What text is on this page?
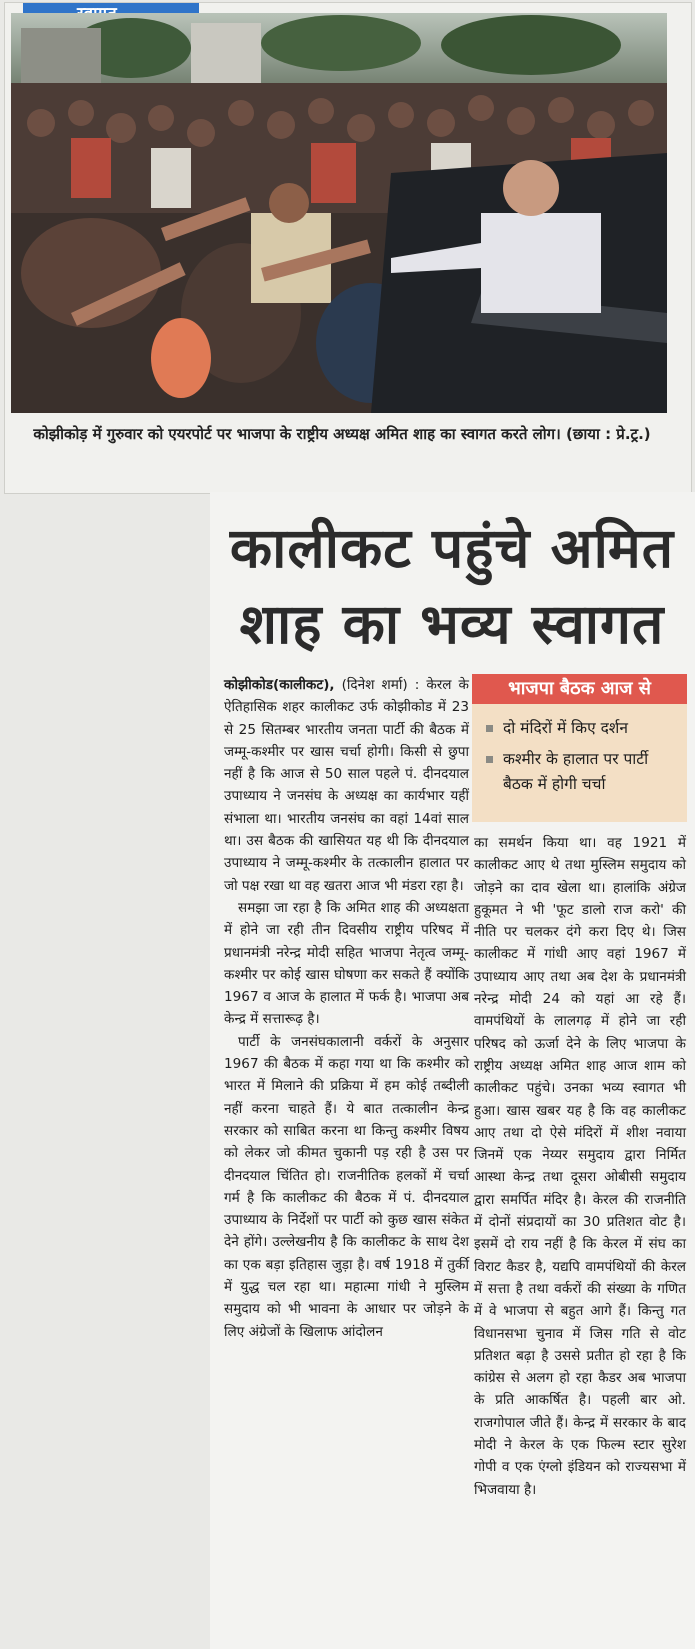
कोझीकोड़ में गुरुवार को एयरपोर्ट पर भाजपा के राष्ट्रीय अध्यक्ष अमित शाह का स्वागत करते लोग। (छाया : प्रे.ट्र.)
कालीकट पहुंचे अमित
शाह का भव्य स्वागत

कोझीकोड(कालीकट), (दिनेश शर्मा) : केरल के ऐतिहासिक शहर कालीकट उर्फ कोझीकोड में 23 से 25 सितम्बर भारतीय जनता पार्टी की बैठक में जम्मू-कश्मीर पर खास चर्चा होगी। किसी से छुपा नहीं है कि आज से 50 साल पहले पं. दीनदयाल उपाध्याय ने जनसंघ के अध्यक्ष का कार्यभार यहीं संभाला था। भारतीय जनसंघ का वहां 14वां साल था। उस बैठक की खासियत यह थी कि दीनदयाल उपाध्याय ने जम्मू-कश्मीर के तत्कालीन हालात पर जो पक्ष रखा था वह खतरा आज भी मंडरा रहा है।

समझा जा रहा है कि अमित शाह की अध्यक्षता में होने जा रही तीन दिवसीय राष्ट्रीय परिषद में प्रधानमंत्री नरेन्द्र मोदी सहित भाजपा नेतृत्व जम्मू-कश्मीर पर कोई खास घोषणा कर सकते हैं क्योंकि 1967 व आज के हालात में फर्क है। भाजपा अब केन्द्र में सत्तारूढ़ है।

पार्टी के जनसंघकालानी वर्करों के अनुसार 1967 की बैठक में कहा गया था कि कश्मीर को भारत में मिलाने की प्रक्रिया में हम कोई तब्दीली नहीं करना चाहते हैं। ये बात तत्कालीन केन्द्र सरकार को साबित करना था किन्तु कश्मीर विषय को लेकर जो कीमत चुकानी पड़ रही है उस पर दीनदयाल चिंतित हो। राजनीतिक हलकों में चर्चा गर्म है कि कालीकट की बैठक में पं. दीनदयाल उपाध्याय के निर्देशों पर पार्टी को कुछ खास संकेत देने होंगे। उल्लेखनीय है कि कालीकट के साथ देश का एक बड़ा इतिहास जुड़ा है। वर्ष 1918 में तुर्की में युद्ध चल रहा था। महात्मा गांधी ने मुस्लिम समुदाय को भी भावना के आधार पर जोड़ने के लिए अंग्रेजों के खिलाफ आंदोलन

भाजपा बैठक आज से
दो मंदिरों में किए दर्शन
कश्मीर के हालात पर पार्टी बैठक में होगी चर्चा

का समर्थन किया था। वह 1921 में कालीकट आए थे तथा मुस्लिम समुदाय को जोड़ने का दाव खेला था। हालांकि अंग्रेज हुकूमत ने भी 'फूट डालो राज करो' की नीति पर चलकर दंगे करा दिए थे। जिस कालीकट में गांधी आए वहां 1967 में उपाध्याय आए तथा अब देश के प्रधानमंत्री नरेन्द्र मोदी 24 को यहां आ रहे हैं। वामपंथियों के लालगढ़ में होने जा रही परिषद को ऊर्जा देने के लिए भाजपा के राष्ट्रीय अध्यक्ष अमित शाह आज शाम को कालीकट पहुंचे। उनका भव्य स्वागत भी हुआ। खास खबर यह है कि वह कालीकट आए तथा दो ऐसे मंदिरों में शीश नवाया जिनमें एक नेय्यर समुदाय द्वारा निर्मित आस्था केन्द्र तथा दूसरा ओबीसी समुदाय द्वारा समर्पित मंदिर है। केरल की राजनीति में दोनों संप्रदायों का 30 प्रतिशत वोट है। इसमें दो राय नहीं है कि केरल में संघ का विराट कैडर है, यद्यपि वामपंथियों की केरल में सत्ता है तथा वर्करों की संख्या के गणित में वे भाजपा से बहुत आगे हैं। किन्तु गत विधानसभा चुनाव में जिस गति से वोट प्रतिशत बढ़ा है उससे प्रतीत हो रहा है कि कांग्रेस से अलग हो रहा कैडर अब भाजपा के प्रति आकर्षित है। पहली बार ओ. राजगोपाल जीते हैं। केन्द्र में सरकार के बाद मोदी ने केरल के एक फिल्म स्टार सुरेश गोपी व एक एंग्लो इंडियन को राज्यसभा में भिजवाया है।
